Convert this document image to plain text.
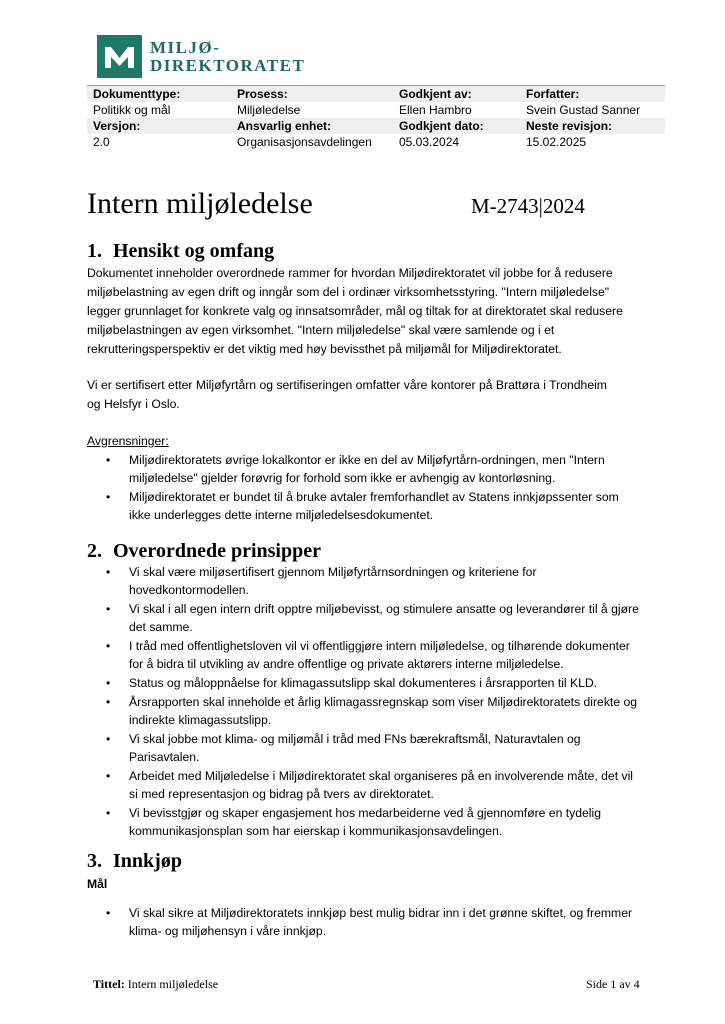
MILJØ-
DIREKTORATET
Dokumenttype:	Prosess:	Godkjent av:	Forfatter:
Politikk og mål	Miljøledelse	Ellen Hambro	Svein Gustad Sanner
Versjon:	Ansvarlig enhet:	Godkjent dato:	Neste revisjon:
2.0	Organisasjonsavdelingen	05.03.2024	15.02.2025
Intern miljøledelse	M-2743|2024
1. Hensikt og omfang
Dokumentet inneholder overordnede rammer for hvordan Miljødirektoratet vil jobbe for å redusere
miljøbelastning av egen drift og inngår som del i ordinær virksomhetsstyring. "Intern miljøledelse"
legger grunnlaget for konkrete valg og innsatsområder, mål og tiltak for at direktoratet skal redusere
miljøbelastningen av egen virksomhet. "Intern miljøledelse" skal være samlende og i et
rekrutteringsperspektiv er det viktig med høy bevissthet på miljømål for Miljødirektoratet.
Vi er sertifisert etter Miljøfyrtårn og sertifiseringen omfatter våre kontorer på Brattøra i Trondheim
og Helsfyr i Oslo.
Avgrensninger:
• Miljødirektoratets øvrige lokalkontor er ikke en del av Miljøfyrtårn-ordningen, men "Intern
miljøledelse" gjelder forøvrig for forhold som ikke er avhengig av kontorløsning.
• Miljødirektoratet er bundet til å bruke avtaler fremforhandlet av Statens innkjøpssenter som
ikke underlegges dette interne miljøledelsesdokumentet.
2. Overordnede prinsipper
• Vi skal være miljøsertifisert gjennom Miljøfyrtårnsordningen og kriteriene for
hovedkontormodellen.
• Vi skal i all egen intern drift opptre miljøbevisst, og stimulere ansatte og leverandører til å gjøre
det samme.
• I tråd med offentlighetsloven vil vi offentliggjøre intern miljøledelse, og tilhørende dokumenter
for å bidra til utvikling av andre offentlige og private aktørers interne miljøledelse.
• Status og måloppnåelse for klimagassutslipp skal dokumenteres i årsrapporten til KLD.
• Årsrapporten skal inneholde et årlig klimagassregnskap som viser Miljødirektoratets direkte og
indirekte klimagassutslipp.
• Vi skal jobbe mot klima- og miljømål i tråd med FNs bærekraftsmål, Naturavtalen og
Parisavtalen.
• Arbeidet med Miljøledelse i Miljødirektoratet skal organiseres på en involverende måte, det vil
si med representasjon og bidrag på tvers av direktoratet.
• Vi bevisstgjør og skaper engasjement hos medarbeiderne ved å gjennomføre en tydelig
kommunikasjonsplan som har eierskap i kommunikasjonsavdelingen.
3. Innkjøp
Mål
• Vi skal sikre at Miljødirektoratets innkjøp best mulig bidrar inn i det grønne skiftet, og fremmer
klima- og miljøhensyn i våre innkjøp.
Tittel: Intern miljøledelse	Side 1 av 4
